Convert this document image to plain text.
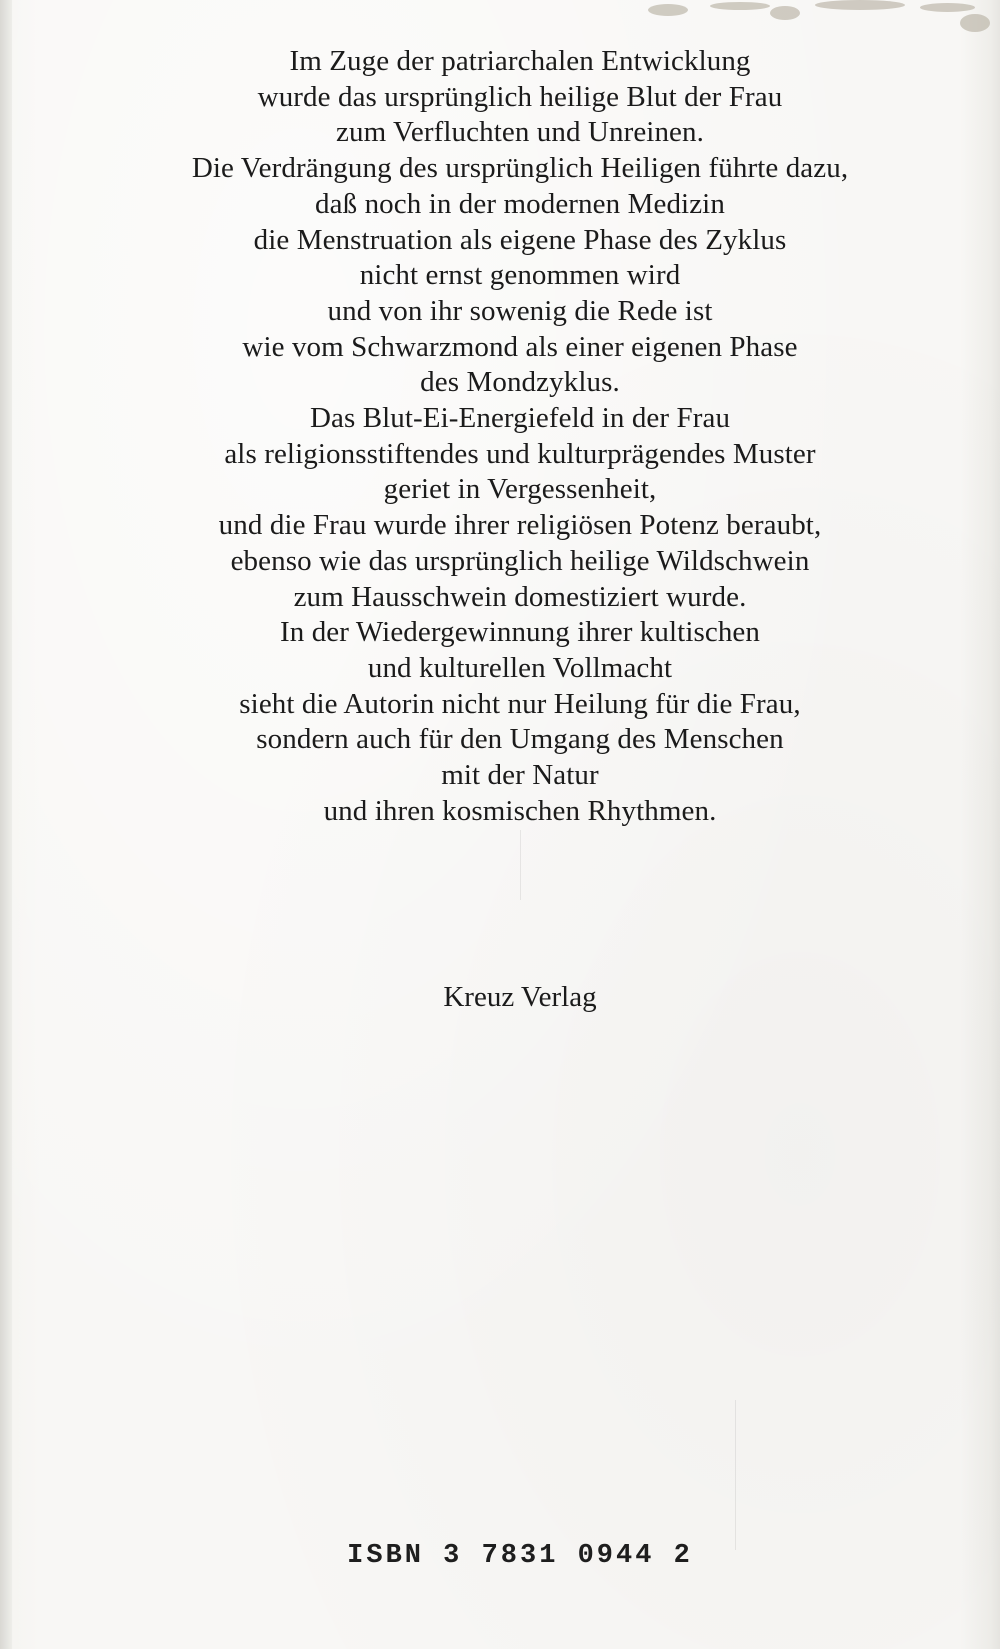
Im Zuge der patriarchalen Entwicklung
wurde das ursprünglich heilige Blut der Frau
zum Verfluchten und Unreinen.
Die Verdrängung des ursprünglich Heiligen führte dazu,
daß noch in der modernen Medizin
die Menstruation als eigene Phase des Zyklus
nicht ernst genommen wird
und von ihr sowenig die Rede ist
wie vom Schwarzmond als einer eigenen Phase
des Mondzyklus.
Das Blut-Ei-Energiefeld in der Frau
als religionsstiftendes und kulturprägendes Muster
geriet in Vergessenheit,
und die Frau wurde ihrer religiösen Potenz beraubt,
ebenso wie das ursprünglich heilige Wildschwein
zum Hausschwein domestiziert wurde.
In der Wiedergewinnung ihrer kultischen
und kulturellen Vollmacht
sieht die Autorin nicht nur Heilung für die Frau,
sondern auch für den Umgang des Menschen
mit der Natur
und ihren kosmischen Rhythmen.
Kreuz Verlag
ISBN 3 7831 0944 2
